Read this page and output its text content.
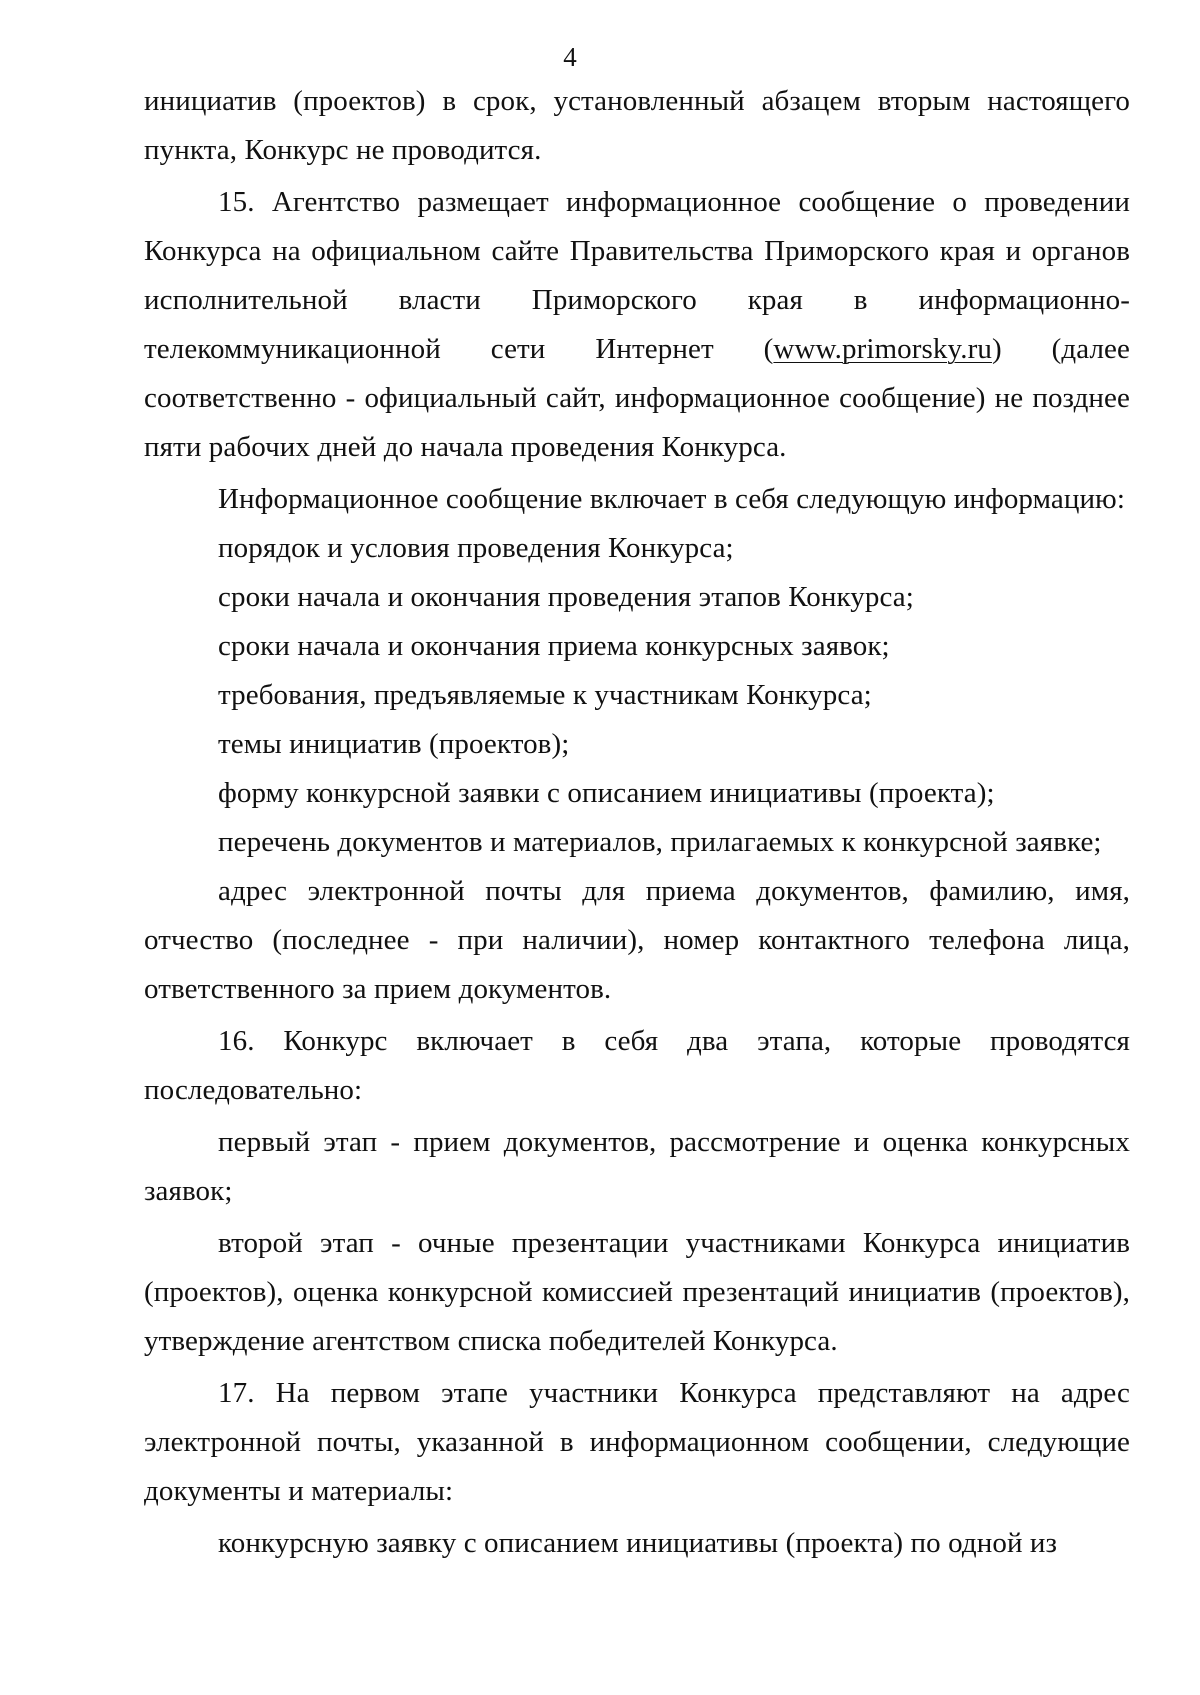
4

инициатив (проектов) в срок, установленный абзацем вторым настоящего пункта, Конкурс не проводится.

15. Агентство размещает информационное сообщение о проведении Конкурса на официальном сайте Правительства Приморского края и органов исполнительной власти Приморского края в информационно-телекоммуникационной сети Интернет (www.primorsky.ru) (далее соответственно - официальный сайт, информационное сообщение) не позднее пяти рабочих дней до начала проведения Конкурса.

Информационное сообщение включает в себя следующую информацию:

порядок и условия проведения Конкурса;

сроки начала и окончания проведения этапов Конкурса;

сроки начала и окончания приема конкурсных заявок;

требования, предъявляемые к участникам Конкурса;

темы инициатив (проектов);

форму конкурсной заявки с описанием инициативы (проекта);

перечень документов и материалов, прилагаемых к конкурсной заявке;

адрес электронной почты для приема документов, фамилию, имя, отчество (последнее - при наличии), номер контактного телефона лица, ответственного за прием документов.

16. Конкурс включает в себя два этапа, которые проводятся последовательно:

первый этап - прием документов, рассмотрение и оценка конкурсных заявок;

второй этап - очные презентации участниками Конкурса инициатив (проектов), оценка конкурсной комиссией презентаций инициатив (проектов), утверждение агентством списка победителей Конкурса.

17. На первом этапе участники Конкурса представляют на адрес электронной почты, указанной в информационном сообщении, следующие документы и материалы:

конкурсную заявку с описанием инициативы (проекта) по одной из
